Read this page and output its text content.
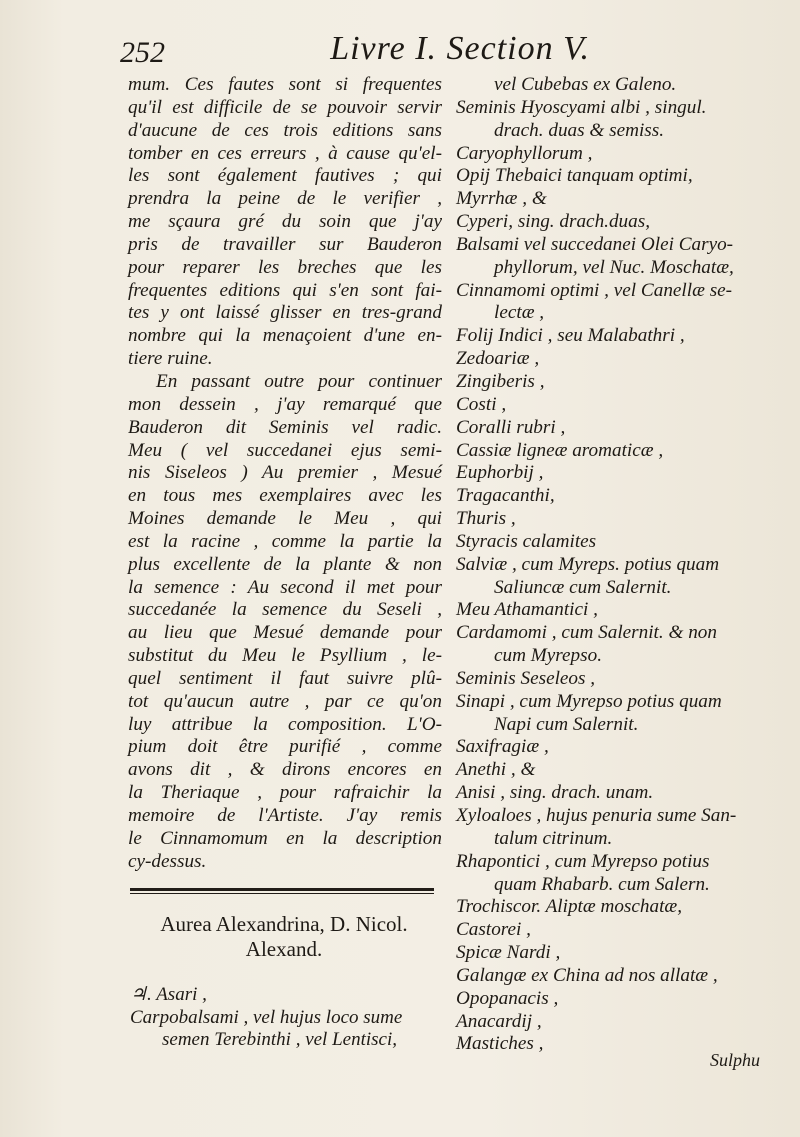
252	Livre I. Section V.
mum. Ces fautes sont si frequentes
qu'il est difficile de se pouvoir servir
d'aucune de ces trois editions sans
tomber en ces erreurs , à cause qu'el-
les sont également fautives ; qui
prendra la peine de le verifier ,
me sçaura gré du soin que j'ay
pris de travailler sur Bauderon
pour reparer les breches que les
frequentes editions qui s'en sont fai-
tes y ont laissé glisser en tres-grand
nombre qui la menaçoient d'une en-
tiere ruine.
En passant outre pour continuer
mon dessein , j'ay remarqué que
Bauderon dit Seminis vel radic.
Meu ( vel succedanei ejus semi-
nis Siseleos ) Au premier , Mesué
en tous mes exemplaires avec les
Moines demande le Meu , qui
est la racine , comme la partie la
plus excellente de la plante & non
la semence : Au second il met pour
succedanée la semence du Seseli ,
au lieu que Mesué demande pour
substitut du Meu le Psyllium , le-
quel sentiment il faut suivre plû-
tot qu'aucun autre , par ce qu'on
luy attribue la composition. L'O-
pium doit être purifié , comme
avons dit , & dirons encores en
la Theriaque , pour rafraichir la
memoire de l'Artiste. J'ay remis
le Cinnamomum en la description
cy-dessus.
Aurea Alexandrina, D. Nicol.
Alexand.
♃. Asari ,
Carpobalsami , vel hujus loco sume
semen Terebinthi , vel Lentisci,
vel Cubebas ex Galeno.
Seminis Hyoscyami albi , singul.
drach. duas & semiss.
Caryophyllorum ,
Opij Thebaici tanquam optimi,
Myrrhæ , &
Cyperi, sing. drach.duas,
Balsami vel succedanei Olei Caryo-
phyllorum, vel Nuc. Moschatæ,
Cinnamomi optimi , vel Canellæ se-
lectæ ,
Folij Indici , seu Malabathri ,
Zedoariæ ,
Zingiberis ,
Costi ,
Coralli rubri ,
Cassiæ ligneæ aromaticæ ,
Euphorbij ,
Tragacanthi,
Thuris ,
Styracis calamites
Salviæ , cum Myreps. potius quam
Saliuncæ cum Salernit.
Meu Athamantici ,
Cardamomi , cum Salernit. & non
cum Myrepso.
Seminis Seseleos ,
Sinapi , cum Myrepso potius quam
Napi cum Salernit.
Saxifragiæ ,
Anethi , &
Anisi , sing. drach. unam.
Xyloaloes , hujus penuria sume San-
talum citrinum.
Rhapontici , cum Myrepso potius
quam Rhabarb. cum Salern.
Trochiscor. Aliptæ moschatæ,
Castorei ,
Spicæ Nardi ,
Galangæ ex China ad nos allatæ ,
Opopanacis ,
Anacardij ,
Mastiches ,
Sulphu
